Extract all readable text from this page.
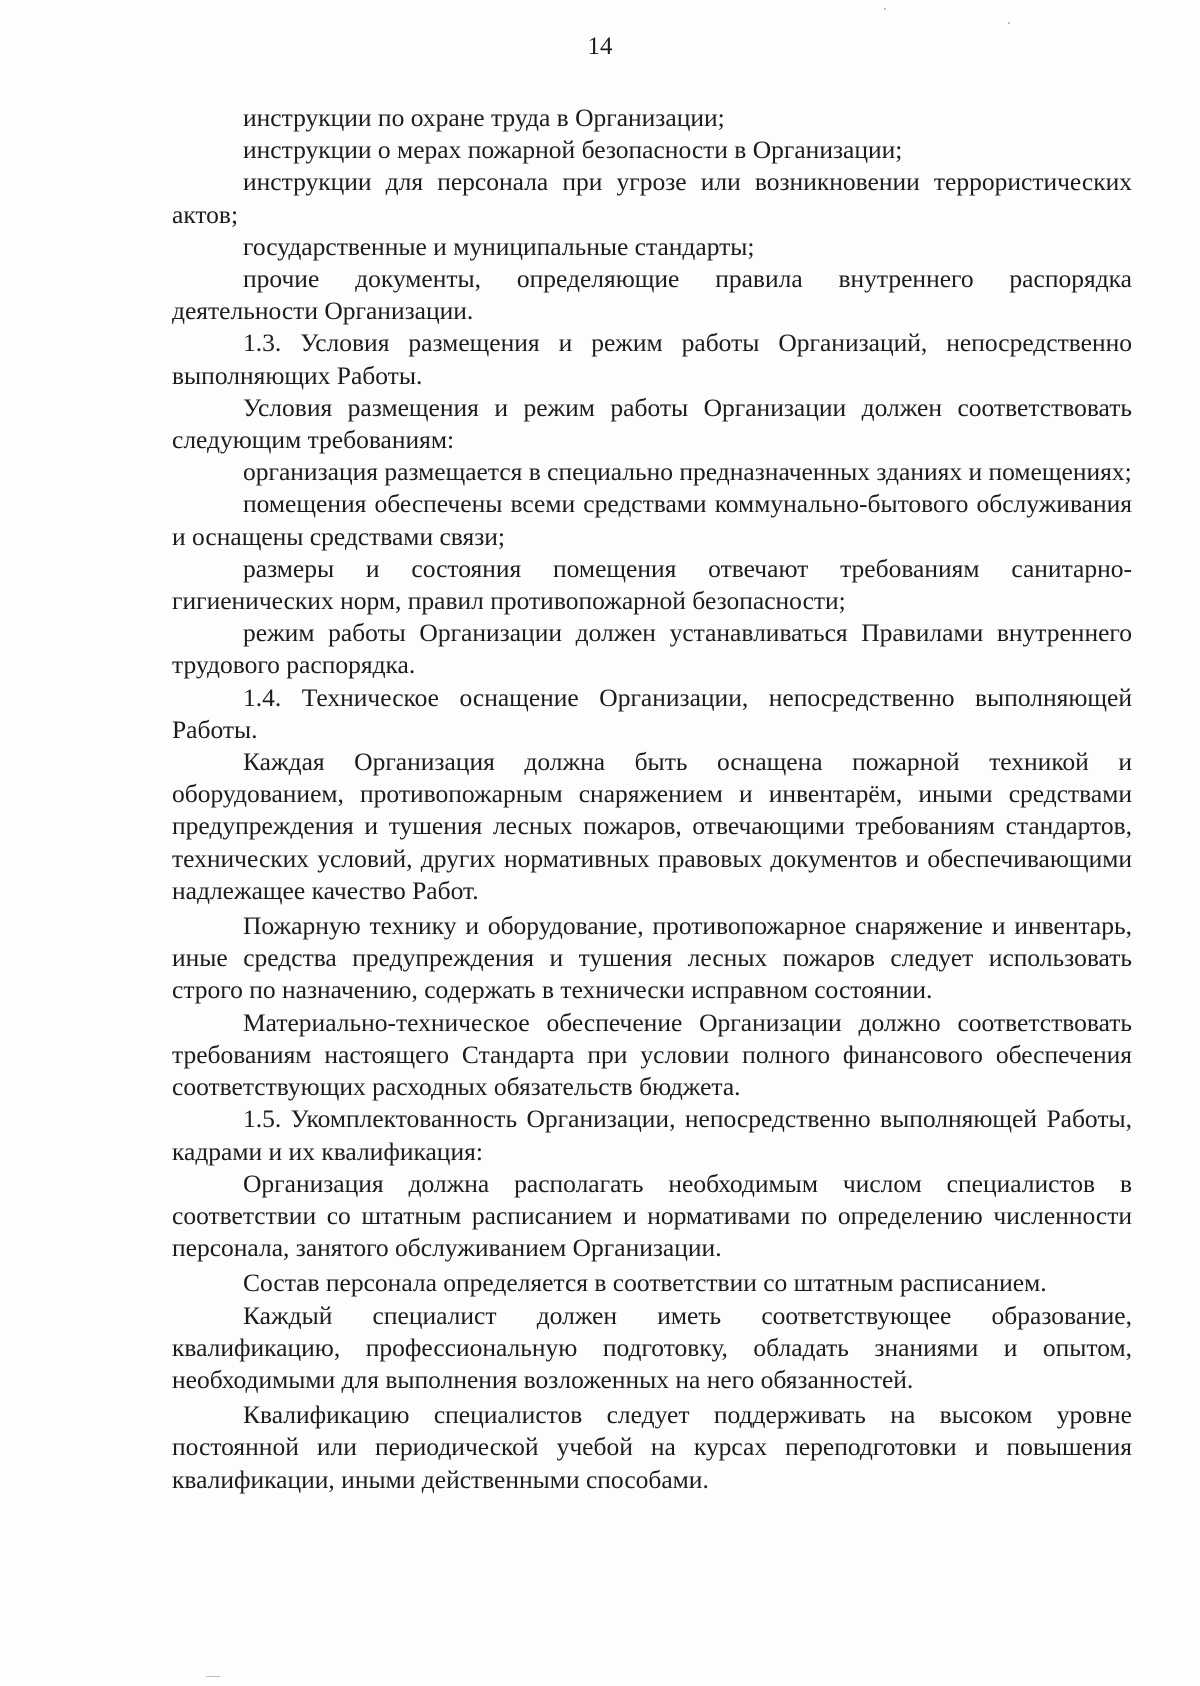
14

инструкции по охране труда в Организации;

инструкции о мерах пожарной безопасности в Организации;

инструкции для персонала при угрозе или возникновении террористических актов;

государственные и муниципальные стандарты;

прочие документы, определяющие правила внутреннего распорядка деятельности Организации.

1.3. Условия размещения и режим работы Организаций, непосредственно выполняющих Работы.

Условия размещения и режим работы Организации должен соответствовать следующим требованиям:

организация размещается в специально предназначенных зданиях и помещениях;

помещения обеспечены всеми средствами коммунально-бытового обслуживания и оснащены средствами связи;

размеры и состояния помещения отвечают требованиям санитарно-гигиенических норм, правил противопожарной безопасности;

режим работы Организации должен устанавливаться Правилами внутреннего трудового распорядка.

1.4. Техническое оснащение Организации, непосредственно выполняющей Работы.

Каждая Организация должна быть оснащена пожарной техникой и оборудованием, противопожарным снаряжением и инвентарём, иными средствами предупреждения и тушения лесных пожаров, отвечающими требованиям стандартов, технических условий, других нормативных правовых документов и обеспечивающими надлежащее качество Работ.

Пожарную технику и оборудование, противопожарное снаряжение и инвентарь, иные средства предупреждения и тушения лесных пожаров следует использовать строго по назначению, содержать в технически исправном состоянии.

Материально-техническое обеспечение Организации должно соответствовать требованиям настоящего Стандарта при условии полного финансового обеспечения соответствующих расходных обязательств бюджета.

1.5. Укомплектованность Организации, непосредственно выполняющей Работы, кадрами и их квалификация:

Организация должна располагать необходимым числом специалистов в соответствии со штатным расписанием и нормативами по определению численности персонала, занятого обслуживанием Организации.

Состав персонала определяется в соответствии со штатным расписанием.

Каждый специалист должен иметь соответствующее образование, квалификацию, профессиональную подготовку, обладать знаниями и опытом, необходимыми для выполнения возложенных на него обязанностей.

Квалификацию специалистов следует поддерживать на высоком уровне постоянной или периодической учебой на курсах переподготовки и повышения квалификации, иными действенными способами.
